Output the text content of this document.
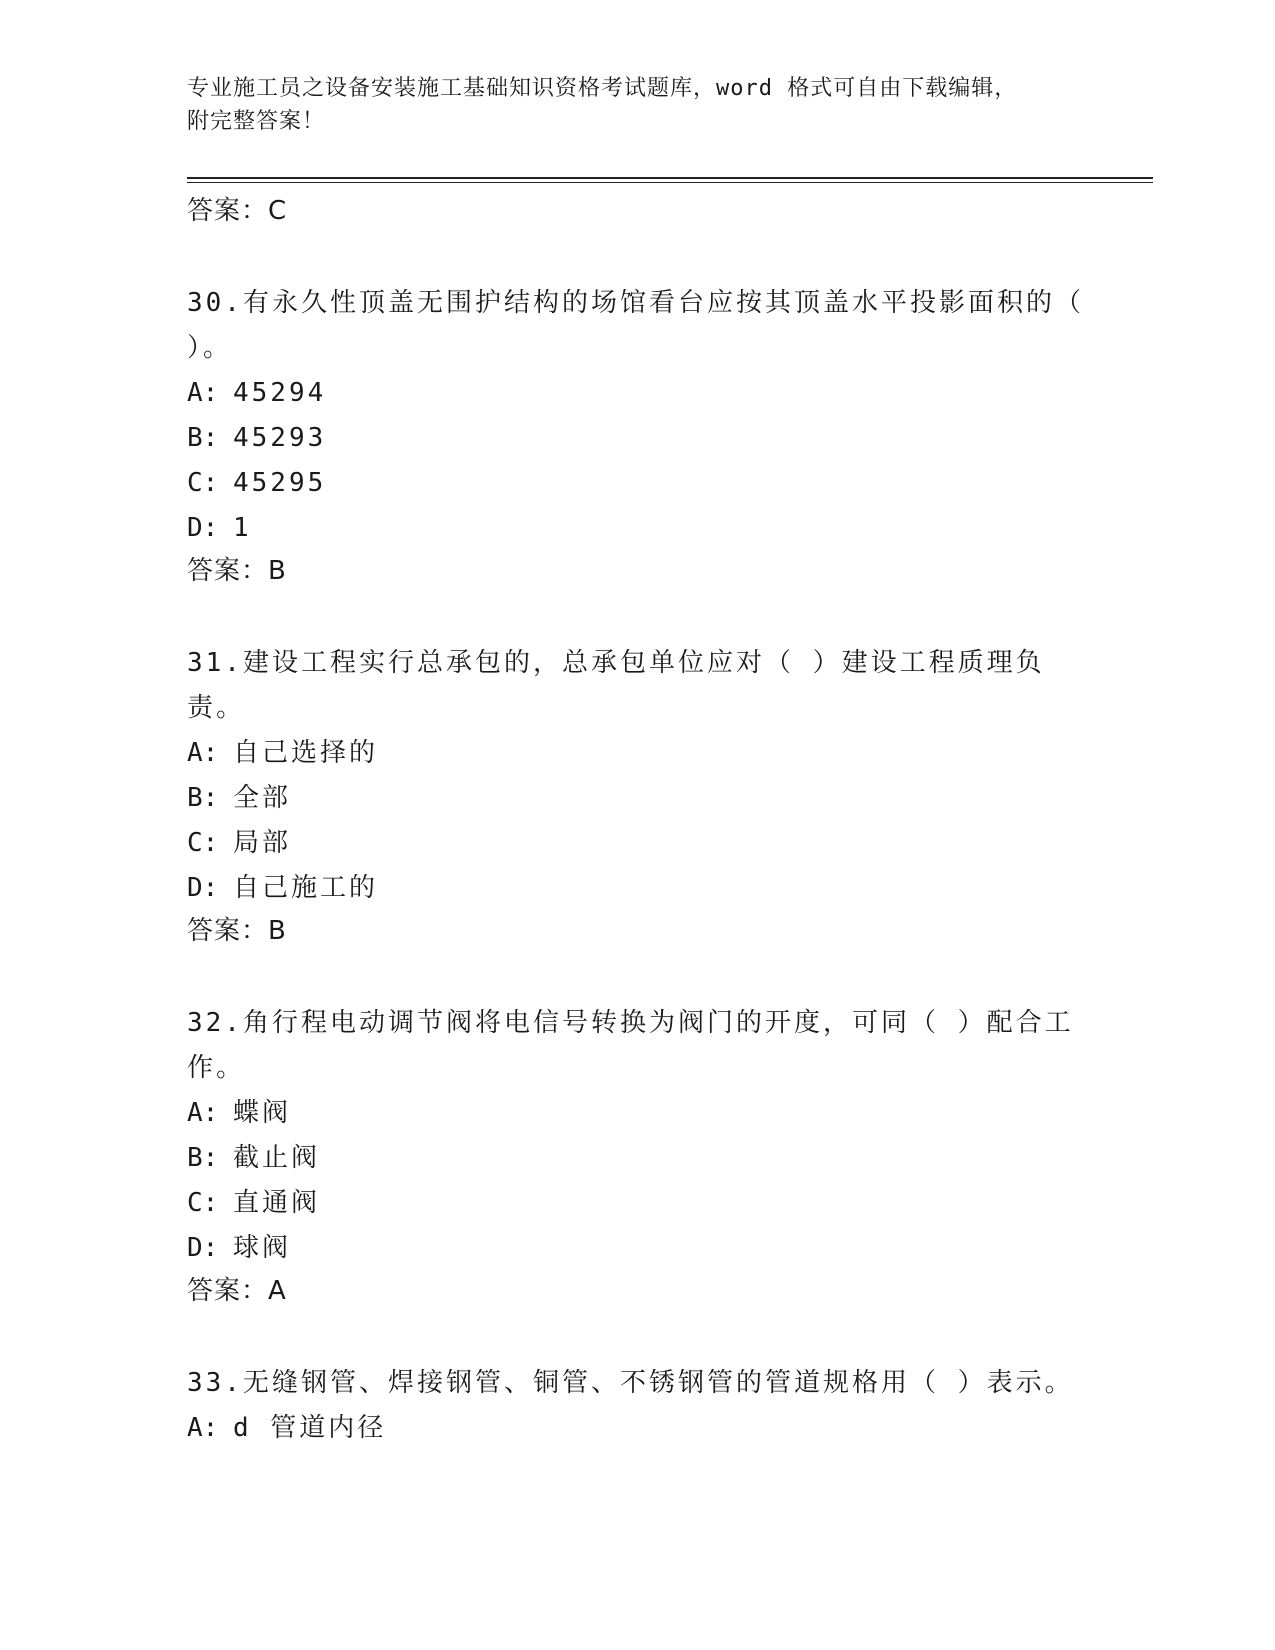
专业施工员之设备安装施工基础知识资格考试题库，word 格式可自由下载编辑，
附完整答案！

答案：C

30.有永久性顶盖无围护结构的场馆看台应按其顶盖水平投影面积的（ ）。

A: 45294

B: 45293

C: 45295

D: 1

答案：B

31.建设工程实行总承包的，总承包单位应对（ ）建设工程质理负责。

A: 自己选择的

B: 全部

C: 局部

D: 自己施工的

答案：B

32.角行程电动调节阀将电信号转换为阀门的开度，可同（ ）配合工作。

A: 蝶阀

B: 截止阀

C: 直通阀

D: 球阀

答案：A

33.无缝钢管、焊接钢管、铜管、不锈钢管的管道规格用（ ）表示。

A: d 管道内径
